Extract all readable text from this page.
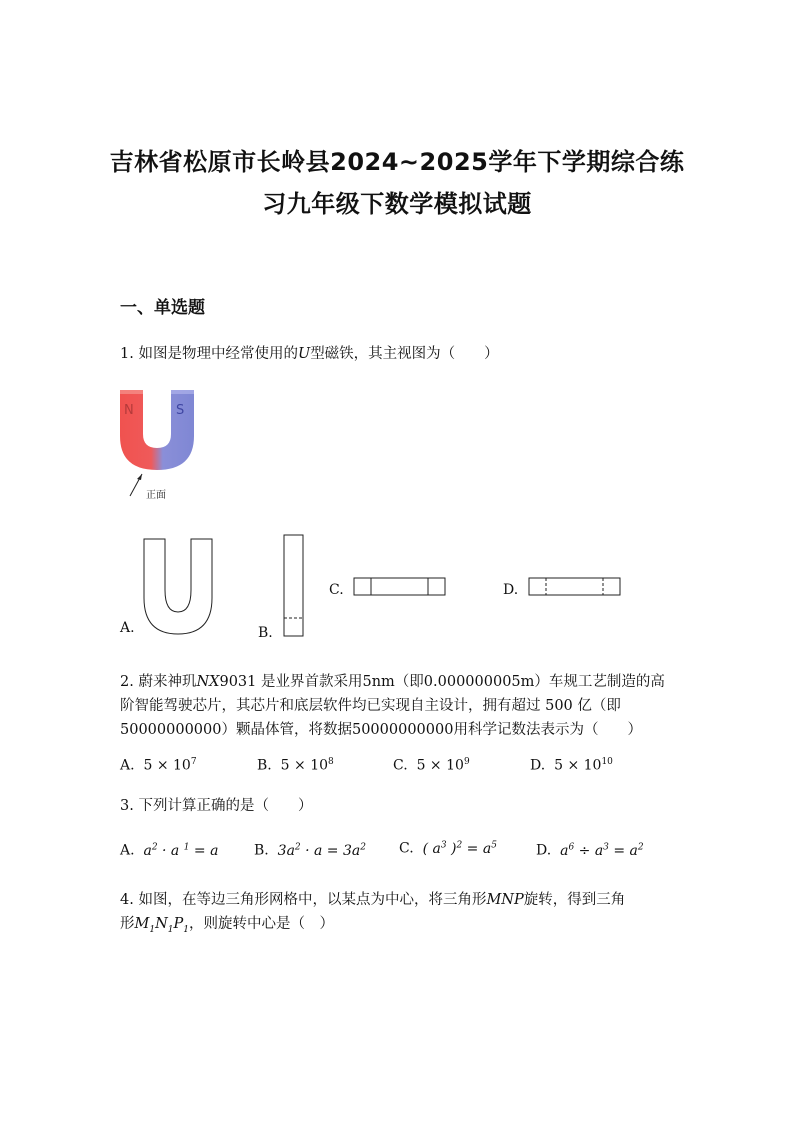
吉林省松原市长岭县2024~2025学年下学期综合练
习九年级下数学模拟试题
一、单选题
1. 如图是物理中经常使用的U型磁铁，其主视图为（　　）
N	S
正面
A.	B.
C.	D.
2. 蔚来神玑NX9031 是业界首款采用5nm（即0.000000005m）车规工艺制造的高
阶智能驾驶芯片，其芯片和底层软件均已实现自主设计，拥有超过 500 亿（即
50000000000）颗晶体管，将数据50000000000用科学记数法表示为（　　）
A. $5 \times 10^7$	B. $5 \times 10^8$	C. $5 \times 10^9$	D. $5 \times 10^{10}$
3. 下列计算正确的是（　　）
A. $a^2 \cdot a$ $^1$ = a	B. $3a^2 \cdot a = 3a^2$ C. ( $a^3$ )$^2 = a^5$	D. $a^6 \div a^3 = a^2$
4. 如图，在等边三角形网格中，以某点为中心，将三角形MNP旋转，得到三角
形$M_1N_1P_1$，则旋转中心是（　）
